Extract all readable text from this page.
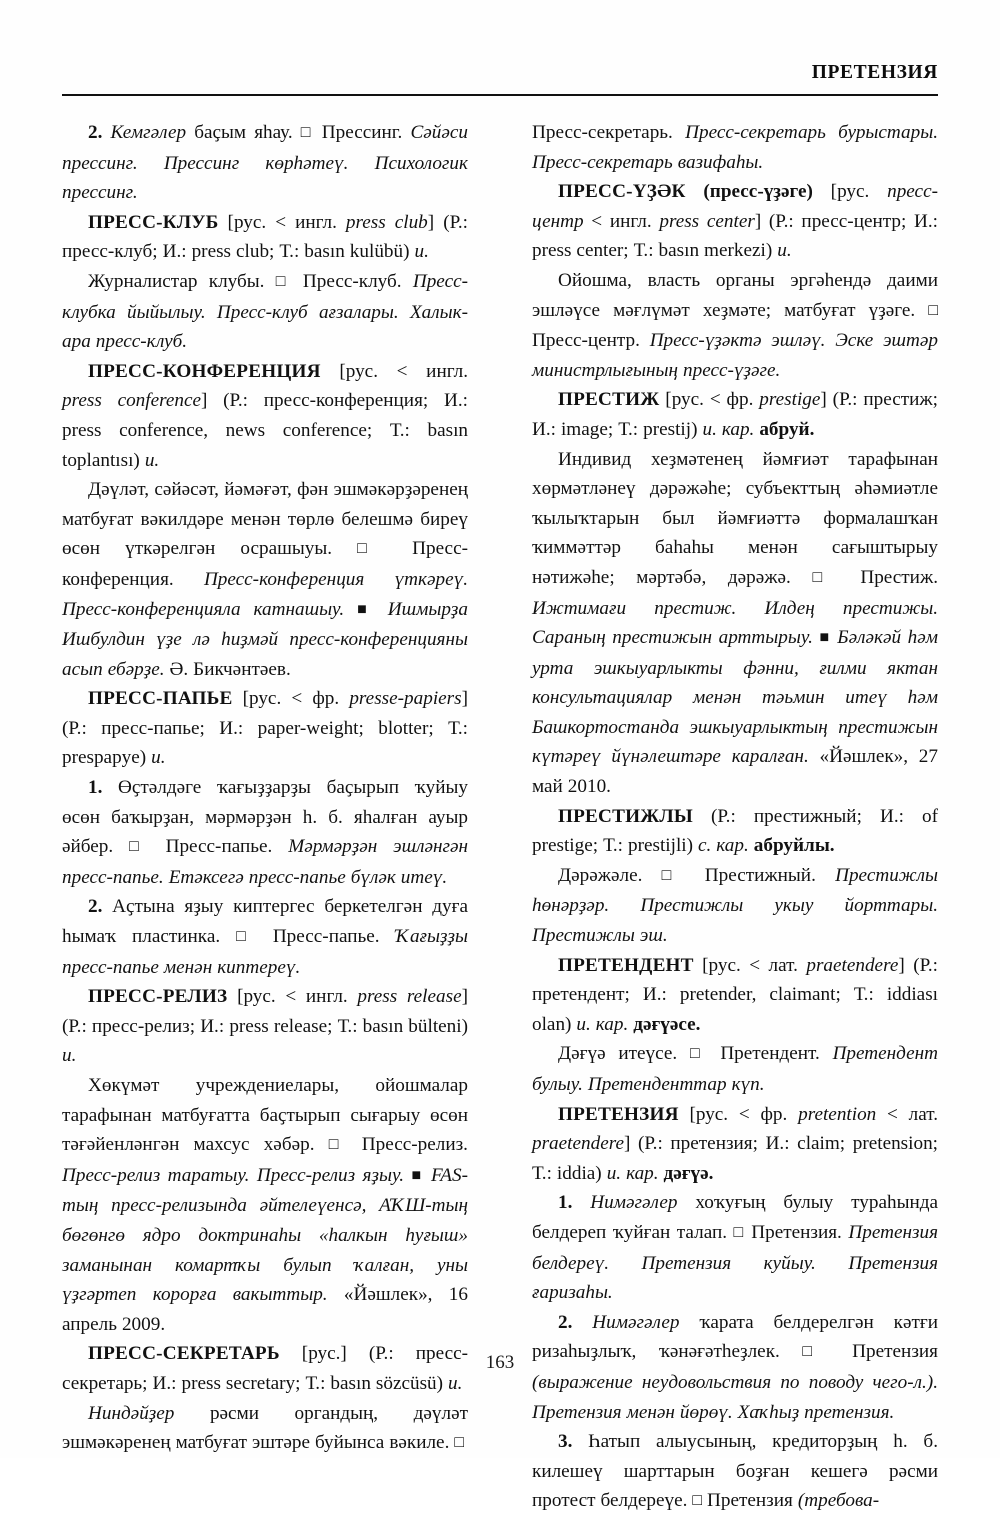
ПРЕТЕНЗИЯ

2. Кемгәлер баҫым яһау. □ Прессинг. Сәйәси прессинг. Прессинг көрһәтеү. Психологик прессинг.

ПРЕСС-КЛУБ [рус. < ингл. press club] (Р.: пресс-клуб; И.: press club; Т.: basın kulübü) и.

Журналистар клубы. □ Пресс-клуб. Пресс-клубка йыйылыу. Пресс-клуб ағзалары. Халык-ара пресс-клуб.

ПРЕСС-КОНФЕРЕНЦИЯ [рус. < ингл. press conference] (Р.: пресс-конференция; И.: press conference, news conference; Т.: basın toplantısı) и.

Дәүләт, сәйәсәт, йәмәғәт, фән эшмәкәрҙәренең матбуғат вәкилдәре менән төрлө белешмә биреү өсөн үткәрелгән осрашыуы. □ Пресс-конференция. Пресс-конференция үткәреү. Пресс-конференцияла катнашыу. ■ Ишмырҙа Ишбулдин үҙе лә һиҙмәй пресс-конференцияны асып ебәрҙе. Ә. Бикчәнтәев.

ПРЕСС-ПАПЬЕ [рус. < фр. presse-papiers] (Р.: пресс-папье; И.: paper-weight; blotter; Т.: prespapye) и.

1. Өҫтәлдәге ҡағыҙҙарҙы баҫырып ҡуйыу өсөн баҡырҙан, мәрмәрҙән һ. б. яһалған ауыр әйбер. □ Пресс-папье. Мәрмәрҙән эшләнгән пресс-папье. Етәксегә пресс-папье бүләк итеү.

2. Аҫтына яҙыу киптергес беркетелгән дуға һымаҡ пластинка. □ Пресс-папье. Ҡағыҙҙы пресс-папье менән киптереү.

ПРЕСС-РЕЛИЗ [рус. < ингл. press release] (Р.: пресс-релиз; И.: press release; Т.: basın bülteni) и.

Хөкүмәт учреждениелары, ойошмалар тарафынан матбуғатта баҫтырып сығарыу өсөн тәғәйенләнгән махсус хәбәр. □ Пресс-релиз. Пресс-релиз таратыу. Пресс-релиз яҙыу. ■ FAS-тың пресс-релизында әйтелеүенсә, АҠШ-тың бөгөнгө ядро доктринаһы «һалкын һуғыш» заманынан комартҡы булып ҡалған, уны үҙгәртеп корорға вакыттыр. «Йәшлек», 16 апрель 2009.

ПРЕСС-СЕКРЕТАРЬ [рус.] (Р.: пресс-секретарь; И.: press secretary; Т.: basın sözcüsü) и.

Ниндәйҙер рәсми органдың, дәүләт эшмәкәренең матбуғат эштәре буйынса вәкиле. □

Пресс-секретарь. Пресс-секретарь бурыстары. Пресс-секретарь вазифаһы.

ПРЕСС-ҮҘӘК (пресс-үҙәге) [рус. пресс-центр < ингл. press center] (Р.: пресс-центр; И.: press center; Т.: basın merkezi) и.

Ойошма, власть органы эргәһендә даими эшләүсе мәғлүмәт хеҙмәте; матбуғат үҙәге. □ Пресс-центр. Пресс-үҙәктә эшләү. Эске эштәр министрлығының пресс-үҙәге.

ПРЕСТИЖ [рус. < фр. prestige] (Р.: престиж; И.: image; Т.: prestij) и. кар. абруй.

Индивид хеҙмәтенең йәмғиәт тарафынан хөрмәтләнеү дәрәжәһе; субъекттың әһәмиәтле ҡылыҡтарын был йәмғиәттә формалашҡан ҡиммәттәр баһаһы менән сағыштырыу нәтижәһе; мәртәбә, дәрәжә. □ Престиж. Ижтимағи престиж. Илдең престижы. Сараның престижын арттырыу. ■ Бәләкәй һәм урта эшкыуарлыкты фәнни, ғилми яктан консультациялар менән тәьмин итеү һәм Башкортостанда эшкыуарлыктың престижын күтәреү йүнәлештәре каралған. «Йәшлек», 27 май 2010.

ПРЕСТИЖЛЫ (Р.: престижный; И.: of prestige; Т.: prestijli) с. кар. абруйлы.

Дәрәжәле. □ Престижный. Престижлы һөнәрҙәр. Престижлы укыу йорттары. Престижлы эш.

ПРЕТЕНДЕНТ [рус. < лат. praetendere] (Р.: претендент; И.: pretender, claimant; Т.: iddiası olan) и. кар. дәғүәсе.

Дәғүә итеүсе. □ Претендент. Претендент булыу. Претенденттар күп.

ПРЕТЕНЗИЯ [рус. < фр. pretention < лат. praetendere] (Р.: претензия; И.: claim; pretension; Т.: iddia) и. кар. дәғүә.

1. Нимәгәлер хоҡуғың булыу тураһында белдереп ҡуйған талап. □ Претензия. Претензия белдереү. Претензия куйыу. Претензия ғаризаһы.

2. Нимәгәлер ҡарата белдерелгән кәтғи ризаһыҙлыҡ, ҡәнәғәтһеҙлек. □ Претензия (выражение неудовольствия по поводу чего-л.). Претензия менән йөрөү. Хаҡһыҙ претензия.

3. Һатып алыусының, кредиторҙың һ. б. килешеү шарттарын боҙған кешегә рәсми протест белдереүе. □ Претензия (требова-

163
